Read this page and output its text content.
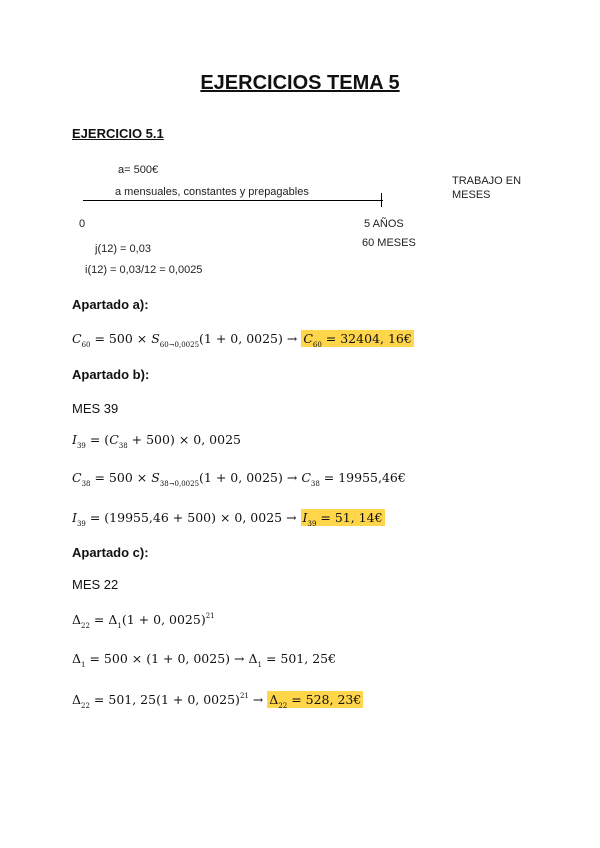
EJERCICIOS TEMA 5
EJERCICIO 5.1
a= 500€
a mensuales, constantes y prepagables
TRABAJO EN
MESES
0	5 AÑOS
60 MESES
j(12) = 0,03
i(12) = 0,03/12 = 0,0025
Apartado a):
$C_{60} = 500 \times S_{60\neg 0,0025}(1 + 0$, $0025) \to C_{60} = 32404$, 16€
Apartado b):
MES 39
$I_{39} = (C_{38} + 500) \times 0$, 0025
$C_{38} = 500 \times S_{38\neg 0,0025}(1 + 0$, $0025) \to C_{38}$ = 19955,46€
$I_{39} = (19955,46 + 500) \times 0$, $0025 \to I_{39} = 51$, 14€
Apartado c):
MES 22
$\Delta_{22} = \Delta_1(1 + 0$, 0025)$^{21}$
$\Delta_1 = 500 \times (1 + 0$, $0025) \to \Delta_1 = 501$, 25€
$\Delta_{22} = 501$, 25(1 + 0, $0025)^{21} \to \Delta_{22} = 528$, 23€
